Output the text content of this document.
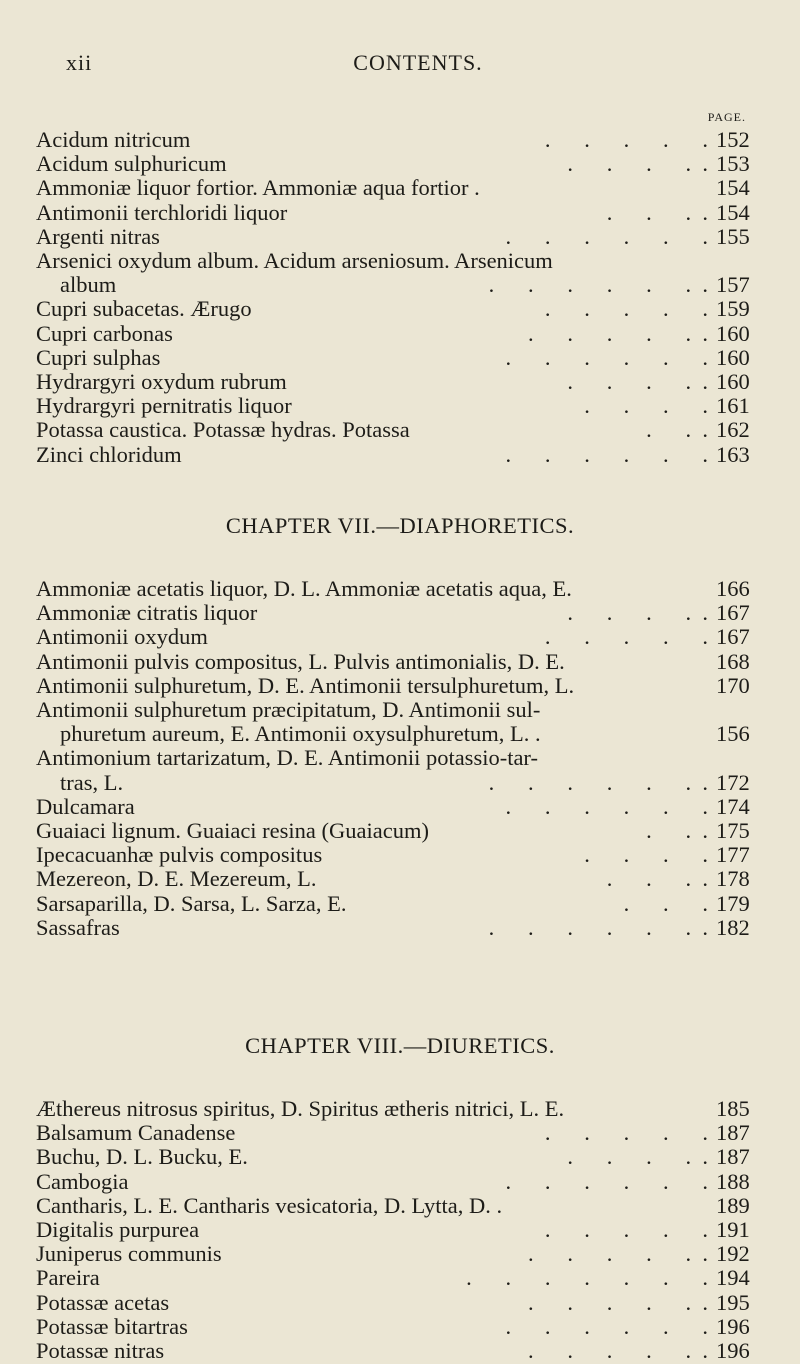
xii	CONTENTS.
PAGE.
Acidum nitricum	.      .      .      .      . 152
Acidum sulphuricum	.      .      .      .  . 153
Ammoniæ liquor fortior. Ammoniæ aqua fortior .	154
Antimonii terchloridi liquor	.      .      .  . 154
Argenti nitras	.      .      .      .      .      . 155
Arsenici oxydum album. Acidum arseniosum. Arsenicum
album	.      .      .      .      .      .  . 157
Cupri subacetas. Ærugo	.      .      .      .      . 159
Cupri carbonas	.      .      .      .      .  . 160
Cupri sulphas	.      .      .      .      .      . 160
Hydrargyri oxydum rubrum	.      .      .      .  . 160
Hydrargyri pernitratis liquor	.      .      .      . 161
Potassa caustica. Potassæ hydras. Potassa	.      .  . 162
Zinci chloridum	.      .      .      .      .      . 163
CHAPTER VII.—DIAPHORETICS.
Ammoniæ acetatis liquor, D. L. Ammoniæ acetatis aqua, E.	166
Ammoniæ citratis liquor	.      .      .      .  . 167
Antimonii oxydum	.      .      .      .      . 167
Antimonii pulvis compositus, L. Pulvis antimonialis, D. E.	168
Antimonii sulphuretum, D. E. Antimonii tersulphuretum, L.	170
Antimonii sulphuretum præcipitatum, D. Antimonii sul-
phuretum aureum, E. Antimonii oxysulphuretum, L. .	156
Antimonium tartarizatum, D. E. Antimonii potassio-tar-
tras, L.	.      .      .      .      .      .  . 172
Dulcamara	.      .      .      .      .      . 174
Guaiaci lignum. Guaiaci resina (Guaiacum)	.      .  . 175
Ipecacuanhæ pulvis compositus	.      .      .      . 177
Mezereon, D. E. Mezereum, L.	.      .      .  . 178
Sarsaparilla, D. Sarsa, L. Sarza, E.	.      .      . 179
Sassafras	.      .      .      .      .      .  . 182
CHAPTER VIII.—DIURETICS.
Æthereus nitrosus spiritus, D. Spiritus ætheris nitrici, L. E.	185
Balsamum Canadense	.      .      .      .      . 187
Buchu, D. L. Bucku, E.	.      .      .      .  . 187
Cambogia	.      .      .      .      .      . 188
Cantharis, L. E. Cantharis vesicatoria, D. Lytta, D. .	189
Digitalis purpurea	.      .      .      .      . 191
Juniperus communis	.      .      .      .      .  . 192
Pareira	.      .      .      .      .      .      . 194
Potassæ acetas	.      .      .      .      .  . 195
Potassæ bitartras	.      .      .      .      .      . 196
Potassæ nitras	.      .      .      .      .  . 196
